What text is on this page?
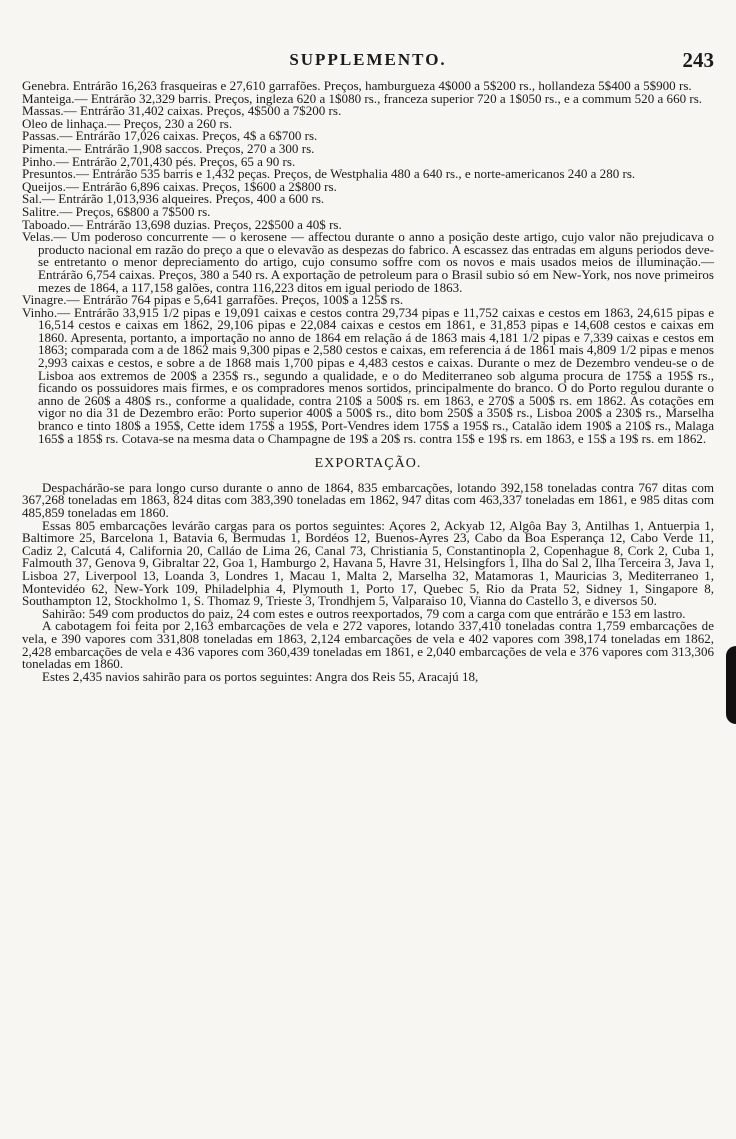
SUPPLEMENTO.	243

Genebra. Entrárão 16,263 frasqueiras e 27,610 garrafões. Preços, hamburgueza 4$000 a 5$200 rs., hollandeza 5$400 a 5$900 rs.

Manteiga.— Entrárão 32,329 barris. Preços, ingleza 620 a 1$080 rs., franceza superior 720 a 1$050 rs., e a commum 520 a 660 rs.

Massas.— Entrárão 31,402 caixas. Preços, 4$500 a 7$200 rs.

Oleo de linhaça.— Preços, 230 a 260 rs.

Passas.— Entrárão 17,026 caixas. Preços, 4$ a 6$700 rs.

Pimenta.— Entrárão 1,908 saccos. Preços, 270 a 300 rs.

Pinho.— Entrárão 2,701,430 pés. Preços, 65 a 90 rs.

Presuntos.— Entrárão 535 barris e 1,432 peças. Preços, de Westphalia 480 a 640 rs., e norte-americanos 240 a 280 rs.

Queijos.— Entrárão 6,896 caixas. Preços, 1$600 a 2$800 rs.

Sal.— Entrárão 1,013,936 alqueires. Preços, 400 a 600 rs.

Salitre.— Preços, 6$800 a 7$500 rs.

Taboado.— Entrárão 13,698 duzias. Preços, 22$500 a 40$ rs.

Velas.— Um poderoso concurrente — o kerosene — affectou durante o anno a posição deste artigo, cujo valor não prejudicava o producto nacional em razão do preço a que o elevavão as despezas do fabrico. A escassez das entradas em alguns periodos deve-se entretanto o menor depreciamento do artigo, cujo consumo soffre com os novos e mais usados meios de illuminação.— Entrárão 6,754 caixas. Preços, 380 a 540 rs. A exportação de petroleum para o Brasil subio só em New-York, nos nove primeiros mezes de 1864, a 117,158 galões, contra 116,223 ditos em igual periodo de 1863.

Vinagre.— Entrárão 764 pipas e 5,641 garrafões. Preços, 100$ a 125$ rs.

Vinho.— Entrárão 33,915 1/2 pipas e 19,091 caixas e cestos contra 29,734 pipas e 11,752 caixas e cestos em 1863, 24,615 pipas e 16,514 cestos e caixas em 1862, 29,106 pipas e 22,084 caixas e cestos em 1861, e 31,853 pipas e 14,608 cestos e caixas em 1860. Apresenta, portanto, a importação no anno de 1864 em relação á de 1863 mais 4,181 1/2 pipas e 7,339 caixas e cestos em 1863; comparada com a de 1862 mais 9,300 pipas e 2,580 cestos e caixas, em referencia á de 1861 mais 4,809 1/2 pipas e menos 2,993 caixas e cestos, e sobre a de 1868 mais 1,700 pipas e 4,483 cestos e caixas. Durante o mez de Dezembro vendeu-se o de Lisboa aos extremos de 200$ a 235$ rs., segundo a qualidade, e o do Mediterraneo sob alguma procura de 175$ a 195$ rs., ficando os possuidores mais firmes, e os compradores menos sortidos, principalmente do branco. O do Porto regulou durante o anno de 260$ a 480$ rs., conforme a qualidade, contra 210$ a 500$ rs. em 1863, e 270$ a 500$ rs. em 1862. As cotações em vigor no dia 31 de Dezembro erão: Porto superior 400$ a 500$ rs., dito bom 250$ a 350$ rs., Lisboa 200$ a 230$ rs., Marselha branco e tinto 180$ a 195$, Cette idem 175$ a 195$, Port-Vendres idem 175$ a 195$ rs., Catalão idem 190$ a 210$ rs., Malaga 165$ a 185$ rs. Cotava-se na mesma data o Champagne de 19$ a 20$ rs. contra 15$ e 19$ rs. em 1863, e 15$ a 19$ rs. em 1862.

EXPORTAÇÃO.

Despachárão-se para longo curso durante o anno de 1864, 835 embarcações, lotando 392,158 toneladas contra 767 ditas com 367,268 toneladas em 1863, 824 ditas com 383,390 toneladas em 1862, 947 ditas com 463,337 toneladas em 1861, e 985 ditas com 485,859 toneladas em 1860.

Essas 805 embarcações levárão cargas para os portos seguintes: Açores 2, Ackyab 12, Algôa Bay 3, Antilhas 1, Antuerpia 1, Baltimore 25, Barcelona 1, Batavia 6, Bermudas 1, Bordéos 12, Buenos-Ayres 23, Cabo da Boa Esperança 12, Cabo Verde 11, Cadiz 2, Calcutá 4, California 20, Calláo de Lima 26, Canal 73, Christiania 5, Constantinopla 2, Copenhague 8, Cork 2, Cuba 1, Falmouth 37, Genova 9, Gibraltar 22, Goa 1, Hamburgo 2, Havana 5, Havre 31, Helsingfors 1, Ilha do Sal 2, Ilha Terceira 3, Java 1, Lisboa 27, Liverpool 13, Loanda 3, Londres 1, Macau 1, Malta 2, Marselha 32, Matamoras 1, Mauricias 3, Mediterraneo 1, Montevidéo 62, New-York 109, Philadelphia 4, Plymouth 1, Porto 17, Quebec 5, Rio da Prata 52, Sidney 1, Singapore 8, Southampton 12, Stockholmo 1, S. Thomaz 9, Trieste 3, Trondhjem 5, Valparaiso 10, Vianna do Castello 3, e diversos 50.

Sahirão: 549 com productos do paiz, 24 com estes e outros reexportados, 79 com a carga com que entrárão e 153 em lastro.

A cabotagem foi feita por 2,163 embarcações de vela e 272 vapores, lotando 337,410 toneladas contra 1,759 embarcações de vela, e 390 vapores com 331,808 toneladas em 1863, 2,124 embarcações de vela e 402 vapores com 398,174 toneladas em 1862, 2,428 embarcações de vela e 436 vapores com 360,439 toneladas em 1861, e 2,040 embarcações de vela e 376 vapores com 313,306 toneladas em 1860.

Estes 2,435 navios sahirão para os portos seguintes: Angra dos Reis 55, Aracajú 18,
